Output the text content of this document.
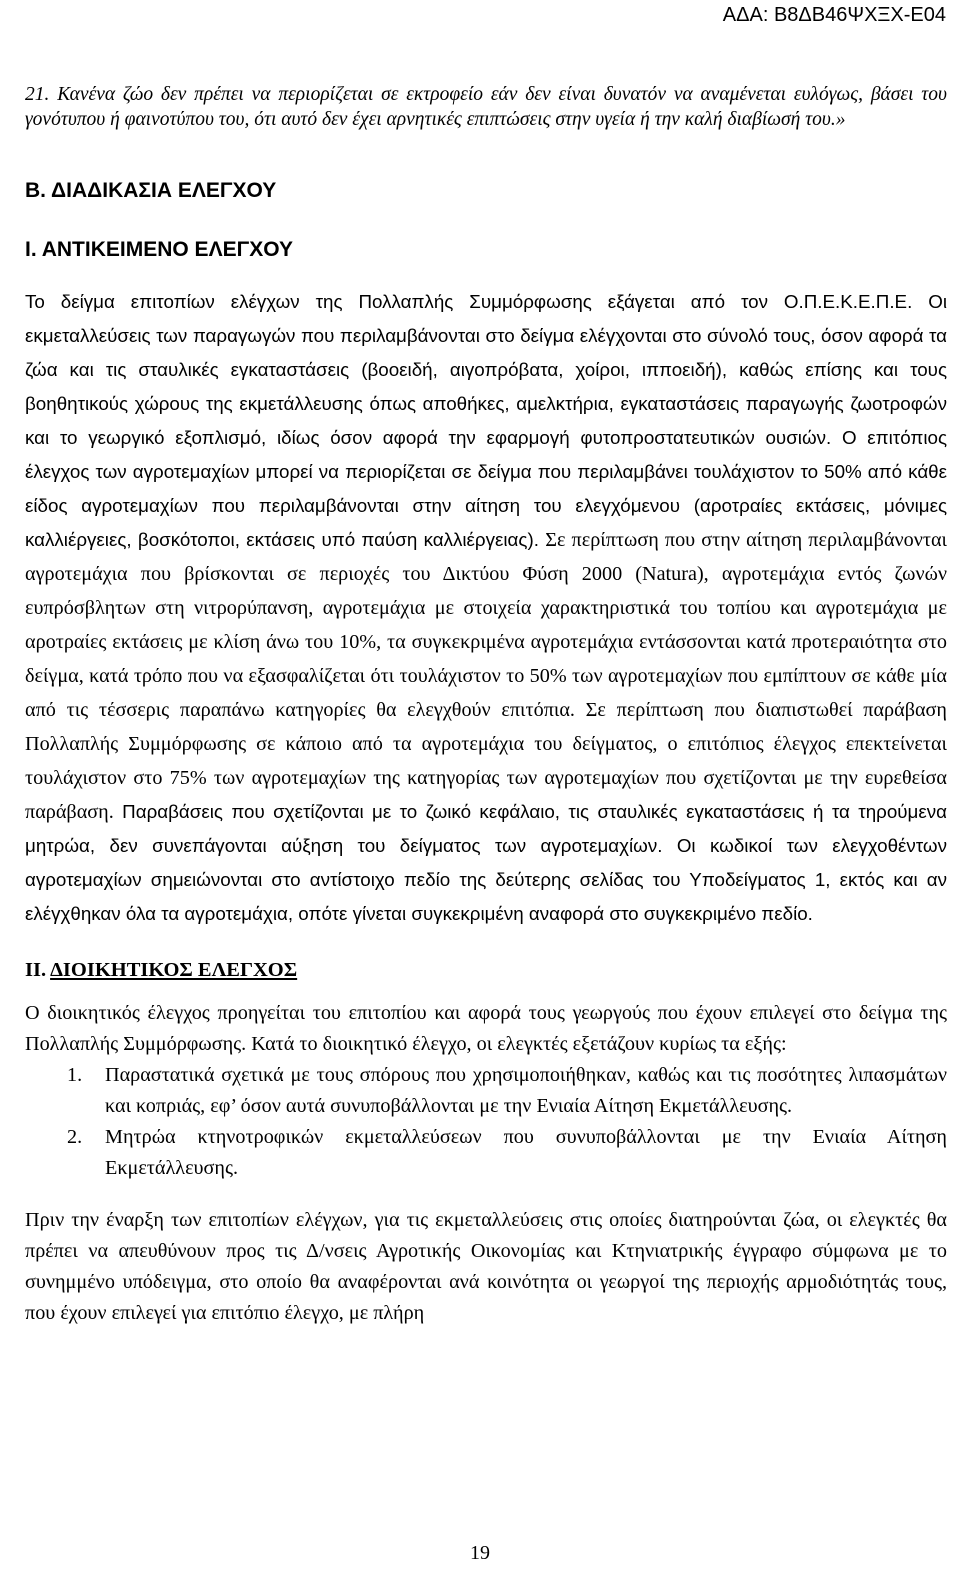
ΑΔΑ: Β8ΔΒ46ΨΧΞΧ-Ε04

21. Κανένα ζώο δεν πρέπει να περιορίζεται σε εκτροφείο εάν δεν είναι δυνατόν να αναμένεται ευλόγως, βάσει του γονότυπου ή φαινοτύπου του, ότι αυτό δεν έχει αρνητικές επιπτώσεις στην υγεία ή την καλή διαβίωσή του.»

Β. ΔΙΑΔΙΚΑΣΙΑ ΕΛΕΓΧΟΥ
Ι. ΑΝΤΙΚΕΙΜΕΝΟ ΕΛΕΓΧΟΥ

Το δείγμα επιτοπίων ελέγχων της Πολλαπλής Συμμόρφωσης εξάγεται από τον Ο.Π.Ε.Κ.Ε.Π.Ε. Οι εκμεταλλεύσεις των παραγωγών που περιλαμβάνονται στο δείγμα ελέγχονται στο σύνολό τους, όσον αφορά τα ζώα και τις σταυλικές εγκαταστάσεις (βοοειδή, αιγοπρόβατα, χοίροι, ιπποειδή), καθώς επίσης και τους βοηθητικούς χώρους της εκμετάλλευσης όπως αποθήκες, αμελκτήρια, εγκαταστάσεις παραγωγής ζωοτροφών και το γεωργικό εξοπλισμό, ιδίως όσον αφορά την εφαρμογή φυτοπροστατευτικών ουσιών. Ο επιτόπιος έλεγχος των αγροτεμαχίων μπορεί να περιορίζεται σε δείγμα που περιλαμβάνει τουλάχιστον το 50% από κάθε είδος αγροτεμαχίων που περιλαμβάνονται στην αίτηση του ελεγχόμενου (αροτραίες εκτάσεις, μόνιμες καλλιέργειες, βοσκότοποι, εκτάσεις υπό παύση καλλιέργειας). Σε περίπτωση που στην αίτηση περιλαμβάνονται αγροτεμάχια που βρίσκονται σε περιοχές του Δικτύου Φύση 2000 (Natura), αγροτεμάχια εντός ζωνών ευπρόσβλητων στη νιτρορύπανση, αγροτεμάχια με στοιχεία χαρακτηριστικά του τοπίου και αγροτεμάχια με αροτραίες εκτάσεις με κλίση άνω του 10%, τα συγκεκριμένα αγροτεμάχια εντάσσονται κατά προτεραιότητα στο δείγμα, κατά τρόπο που να εξασφαλίζεται ότι τουλάχιστον το 50% των αγροτεμαχίων που εμπίπτουν σε κάθε μία από τις τέσσερις παραπάνω κατηγορίες θα ελεγχθούν επιτόπια. Σε περίπτωση που διαπιστωθεί παράβαση Πολλαπλής Συμμόρφωσης σε κάποιο από τα αγροτεμάχια του δείγματος, ο επιτόπιος έλεγχος επεκτείνεται τουλάχιστον στο 75% των αγροτεμαχίων της κατηγορίας των αγροτεμαχίων που σχετίζονται με την ευρεθείσα παράβαση. Παραβάσεις που σχετίζονται με το ζωικό κεφάλαιο, τις σταυλικές εγκαταστάσεις ή τα τηρούμενα μητρώα, δεν συνεπάγονται αύξηση του δείγματος των αγροτεμαχίων. Οι κωδικοί των ελεγχοθέντων αγροτεμαχίων σημειώνονται στο αντίστοιχο πεδίο της δεύτερης σελίδας του Υποδείγματος 1, εκτός και αν ελέγχθηκαν όλα τα αγροτεμάχια, οπότε γίνεται συγκεκριμένη αναφορά στο συγκεκριμένο πεδίο.

ΙΙ. ΔΙΟΙΚΗΤΙΚΟΣ ΕΛΕΓΧΟΣ

Ο διοικητικός έλεγχος προηγείται του επιτοπίου και αφορά τους γεωργούς που έχουν επιλεγεί στο δείγμα της Πολλαπλής Συμμόρφωσης. Κατά το διοικητικό έλεγχο, οι ελεγκτές εξετάζουν κυρίως τα εξής:

1. Παραστατικά σχετικά με τους σπόρους που χρησιμοποιήθηκαν, καθώς και τις ποσότητες λιπασμάτων και κοπριάς, εφ’ όσον αυτά συνυποβάλλονται με την Ενιαία Αίτηση Εκμετάλλευσης.
2. Μητρώα κτηνοτροφικών εκμεταλλεύσεων που συνυποβάλλονται με την Ενιαία Αίτηση Εκμετάλλευσης.

Πριν την έναρξη των επιτοπίων ελέγχων, για τις εκμεταλλεύσεις στις οποίες διατηρούνται ζώα, οι ελεγκτές θα πρέπει να απευθύνουν προς τις Δ/νσεις Αγροτικής Οικονομίας και Κτηνιατρικής έγγραφο σύμφωνα με το συνημμένο υπόδειγμα, στο οποίο θα αναφέρονται ανά κοινότητα οι γεωργοί της περιοχής αρμοδιότητάς τους, που έχουν επιλεγεί για επιτόπιο έλεγχο, με πλήρη

19
